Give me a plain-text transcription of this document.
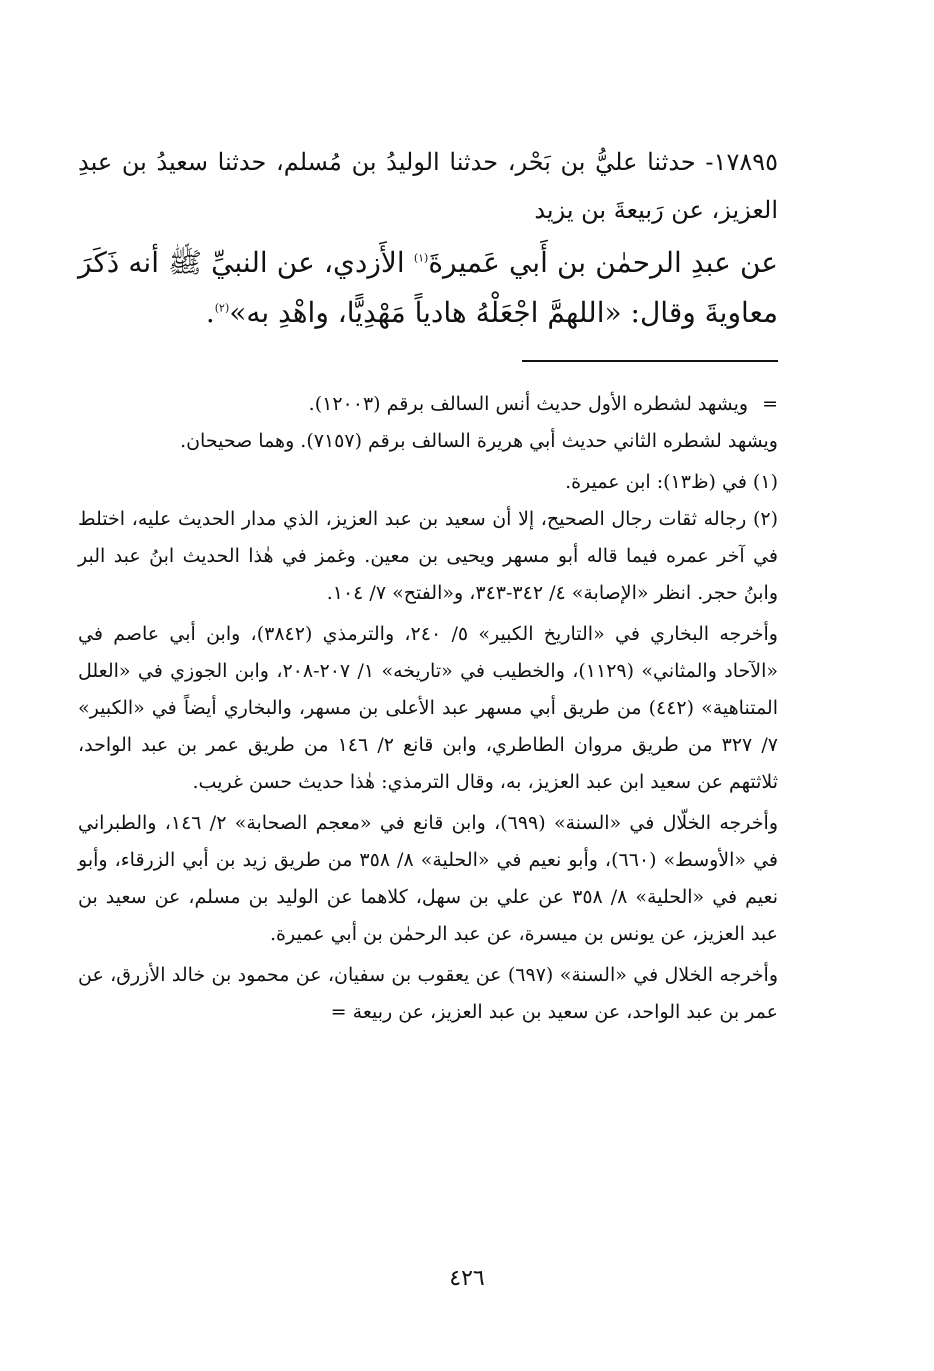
١٧٨٩٥- حدثنا عليُّ بن بَحْر، حدثنا الوليدُ بن مُسلم، حدثنا سعيدُ بن عبدِ العزيز، عن رَبيعةَ بن يزيد

عن عبدِ الرحمٰن بن أَبي عَميرةَ$^{(١)}$ الأَزدي، عن النبيِّ ﷺ أنه ذَكَرَ معاويةَ وقال: «اللهمَّ اجْعَلْهُ هادياً مَهْدِيًّا، واهْدِ به»$^{(٢)}$.

=ويشهد لشطره الأول حديث أنس السالف برقم (١٢٠٠٣).

ويشهد لشطره الثاني حديث أبي هريرة السالف برقم (٧١٥٧). وهما صحيحان.

(١) في (ظ١٣): ابن عميرة.

(٢) رجاله ثقات رجال الصحيح، إلا أن سعيد بن عبد العزيز، الذي مدار الحديث عليه، اختلط في آخر عمره فيما قاله أبو مسهر ويحيى بن معين. وغمز في هٰذا الحديث ابنُ عبد البر وابنُ حجر. انظر «الإصابة» ٤/ ٣٤٢-٣٤٣، و«الفتح» ٧/ ١٠٤.

وأخرجه البخاري في «التاريخ الكبير» ٥/ ٢٤٠، والترمذي (٣٨٤٢)، وابن أبي عاصم في «الآحاد والمثاني» (١١٢٩)، والخطيب في «تاريخه» ١/ ٢٠٧-٢٠٨، وابن الجوزي في «العلل المتناهية» (٤٤٢) من طريق أبي مسهر عبد الأعلى بن مسهر، والبخاري أيضاً في «الكبير» ٧/ ٣٢٧ من طريق مروان الطاطري، وابن قانع ٢/ ١٤٦ من طريق عمر بن عبد الواحد، ثلاثتهم عن سعيد ابن عبد العزيز، به، وقال الترمذي: هٰذا حديث حسن غريب.

وأخرجه الخلّال في «السنة» (٦٩٩)، وابن قانع في «معجم الصحابة» ٢/ ١٤٦، والطبراني في «الأوسط» (٦٦٠)، وأبو نعيم في «الحلية» ٨/ ٣٥٨ من طريق زيد بن أبي الزرقاء، وأبو نعيم في «الحلية» ٨/ ٣٥٨ عن علي بن سهل، كلاهما عن الوليد بن مسلم، عن سعيد بن عبد العزيز، عن يونس بن ميسرة، عن عبد الرحمٰن بن أبي عميرة.

وأخرجه الخلال في «السنة» (٦٩٧) عن يعقوب بن سفيان، عن محمود بن خالد الأزرق، عن عمر بن عبد الواحد، عن سعيد بن عبد العزيز، عن ربيعة =

٤٢٦
